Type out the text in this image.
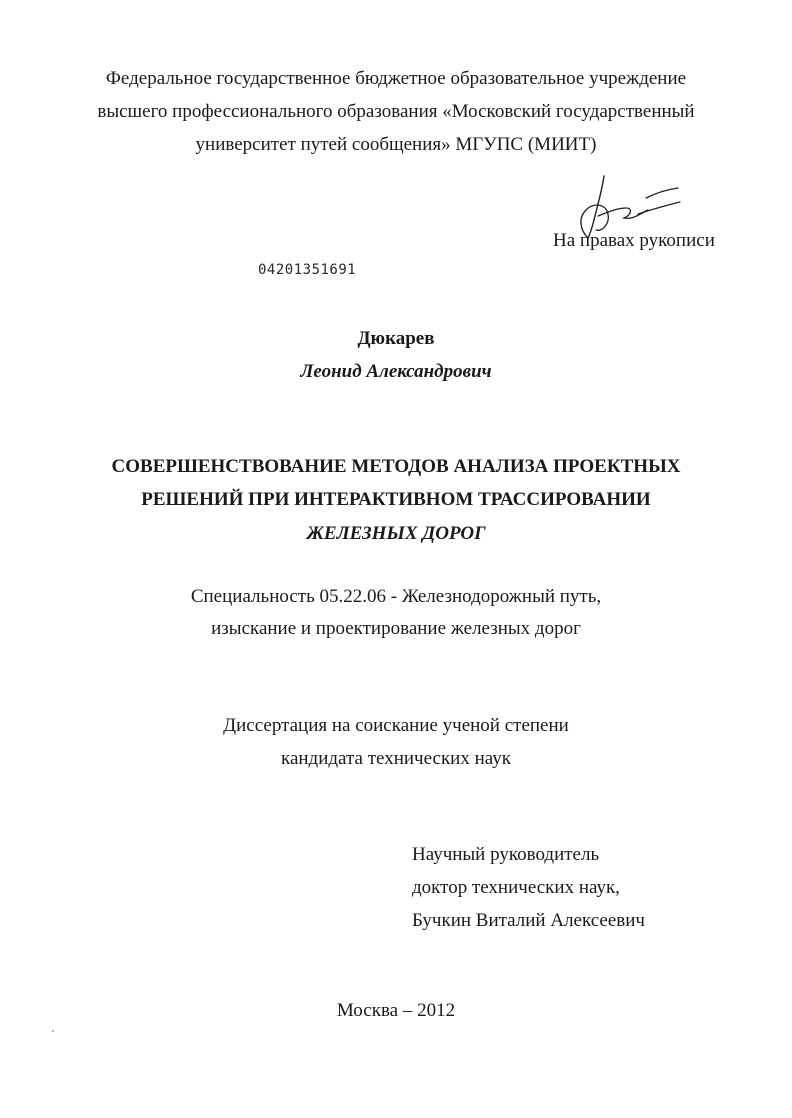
Федеральное государственное бюджетное образовательное учреждение
высшего профессионального образования «Московский государственный
университет путей сообщения» МГУПС (МИИТ)
На правах рукописи
04201351691
Дюкарев
Леонид Александрович
СОВЕРШЕНСТВОВАНИЕ МЕТОДОВ АНАЛИЗА ПРОЕКТНЫХ
РЕШЕНИЙ ПРИ ИНТЕРАКТИВНОМ ТРАССИРОВАНИИ
ЖЕЛЕЗНЫХ ДОРОГ
Специальность 05.22.06 - Железнодорожный путь,
изыскание и проектирование железных дорог
Диссертация на соискание ученой степени
кандидата технических наук
Научный руководитель
доктор технических наук,
Бучкин Виталий Алексеевич
Москва – 2012
